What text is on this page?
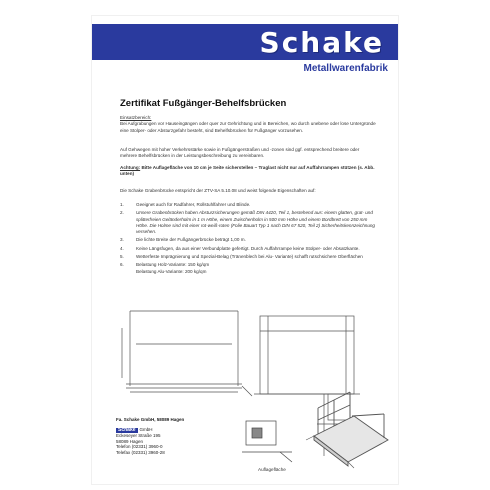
Schake
Metallwarenfabrik
Zertifikat Fußgänger-Behelfsbrücken
Einsatzbereich:
Bei Aufgrabungen vor Hauseingängen oder quer zur Gehrichtung und in Bereichen, wo durch unebene oder lose Untergründe eine Stolper- oder Absturzgefahr besteht, sind Behelfsbrücken für Fußgänger vorzusehen.
Auf Gehwegen mit hoher Verkehrsstärke sowie in Fußgängerstraßen und -zonen sind ggf. entsprechend breitere oder mehrere Behelfsbrücken in der Leistungsbeschreibung zu vereinbaren.
Achtung: Bitte Auflagefläche von 10 cm je Seite sicherstellen – Traglast nicht nur auf Auffahrrampen stützen (s. Abb. unten)
Die Schake Grabenbrücke entspricht der ZTV-SA 5.10.08 und weist folgende Eigenschaften auf:
1.	Geeignet auch für Radfahrer, Rollstuhlfahrer und Blinde.
2.	Unsere Grabenbrücken haben Absturzsicherungen gemäß DIN 4420, Teil 1, bestehend aus: einem glatten, grat- und splitterfreien Geländerholm in 1 m Höhe, einem Zwischenholm in 500 mm Höhe und einem Bordbrett von 250 mm Höhe. Die Holme sind mit einer rot-weiß-roten (Folie Bauart Typ 1 nach DIN 67 520, Teil 2) Sicherheitskennzeichnung versehen.
3.	Die lichte Breite der Fußgängerbrücke beträgt 1,00 m.
4.	Keine Längsfugen, da aus einer Verbundplatte gefertigt. Durch Auffahrrampe keine Stolper- oder Absatzkante.
5.	Wetterfeste Imprägnierung und Spezial-Belag (Tränenblech bei Alu- Variante) schafft rutschsichere Oberflächen
6.	Belastung Holz-Variante: 150 kg/qm
Belastung Alu-Variante: 200 kg/qm
Fa. Schake GmbH, 58089 Hagen
Schake GmbH
Eckeseyer Straße 195
58089 Hagen
Telefon (02331) 3960-0
Telefax (02331) 3960-28
Auflagefläche
